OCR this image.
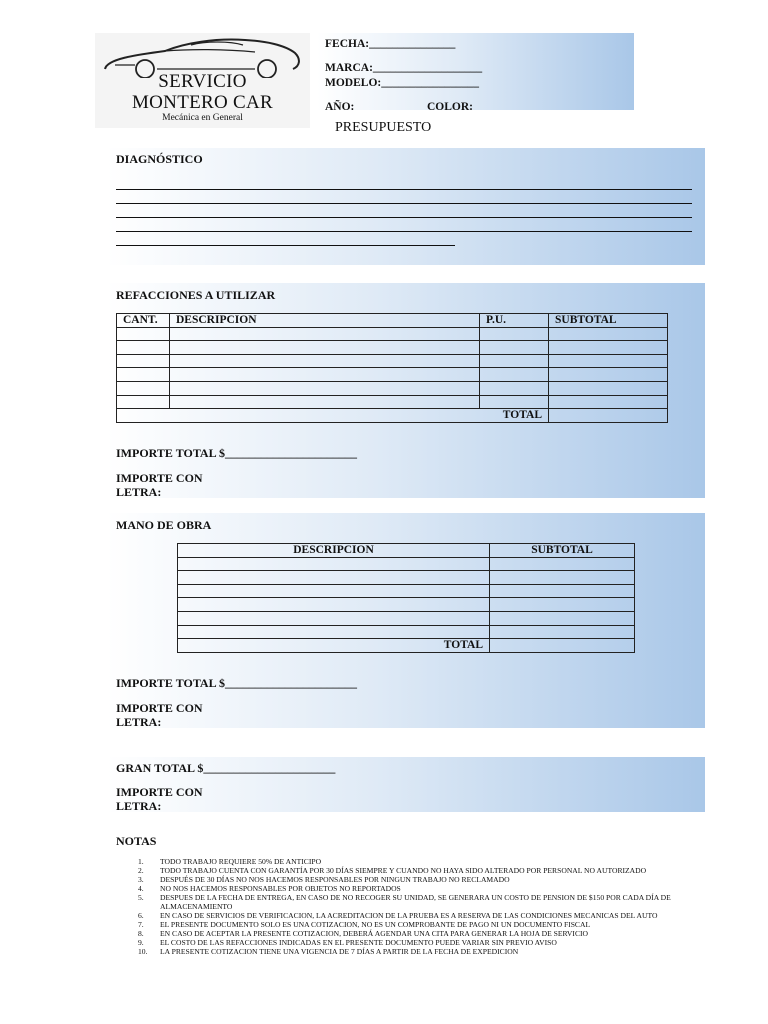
SERVICIO
MONTERO CAR
Mecánica en General
FECHA:_______________
MARCA:___________________
MODELO:_________________
AÑO:	COLOR:
PRESUPUESTO
DIAGNÓSTICO
REFACCIONES A UTILIZAR
CANT.	DESCRIPCION	P.U.	SUBTOTAL

TOTAL			
IMPORTE TOTAL $______________________
IMPORTE CON LETRA:
MANO DE OBRA
DESCRIPCION	SUBTOTAL

TOTAL	
IMPORTE TOTAL $______________________
IMPORTE CON LETRA:
GRAN TOTAL $______________________
IMPORTE CON LETRA:
NOTAS
1.	TODO TRABAJO REQUIERE 50% DE ANTICIPO
2.	TODO TRABAJO CUENTA CON GARANTÍA POR 30 DÍAS SIEMPRE Y CUANDO NO HAYA SIDO ALTERADO POR PERSONAL NO AUTORIZADO
3.	DESPUÉS DE 30 DÍAS NO NOS HACEMOS RESPONSABLES POR NINGUN TRABAJO NO RECLAMADO
4.	NO NOS HACEMOS RESPONSABLES POR OBJETOS NO REPORTADOS
5.	DESPUES DE LA FECHA DE ENTREGA, EN CASO DE NO RECOGER SU UNIDAD, SE GENERARA UN COSTO DE PENSION DE $150 POR CADA DÍA DE ALMACENAMIENTO
6.	EN CASO DE SERVICIOS DE VERIFICACION, LA ACREDITACION DE LA PRUEBA ES A RESERVA DE LAS CONDICIONES MECANICAS DEL AUTO
7.	EL PRESENTE DOCUMENTO SOLO ES UNA COTIZACION, NO ES UN COMPROBANTE DE PAGO NI UN DOCUMENTO FISCAL
8.	EN CASO DE ACEPTAR LA PRESENTE COTIZACION, DEBERÁ AGENDAR UNA CITA PARA GENERAR LA HOJA DE SERVICIO
9.	EL COSTO DE LAS REFACCIONES INDICADAS EN EL PRESENTE DOCUMENTO PUEDE VARIAR SIN PREVIO AVISO
10.	LA PRESENTE COTIZACION TIENE UNA VIGENCIA DE 7 DÍAS A PARTIR DE LA FECHA DE EXPEDICION
